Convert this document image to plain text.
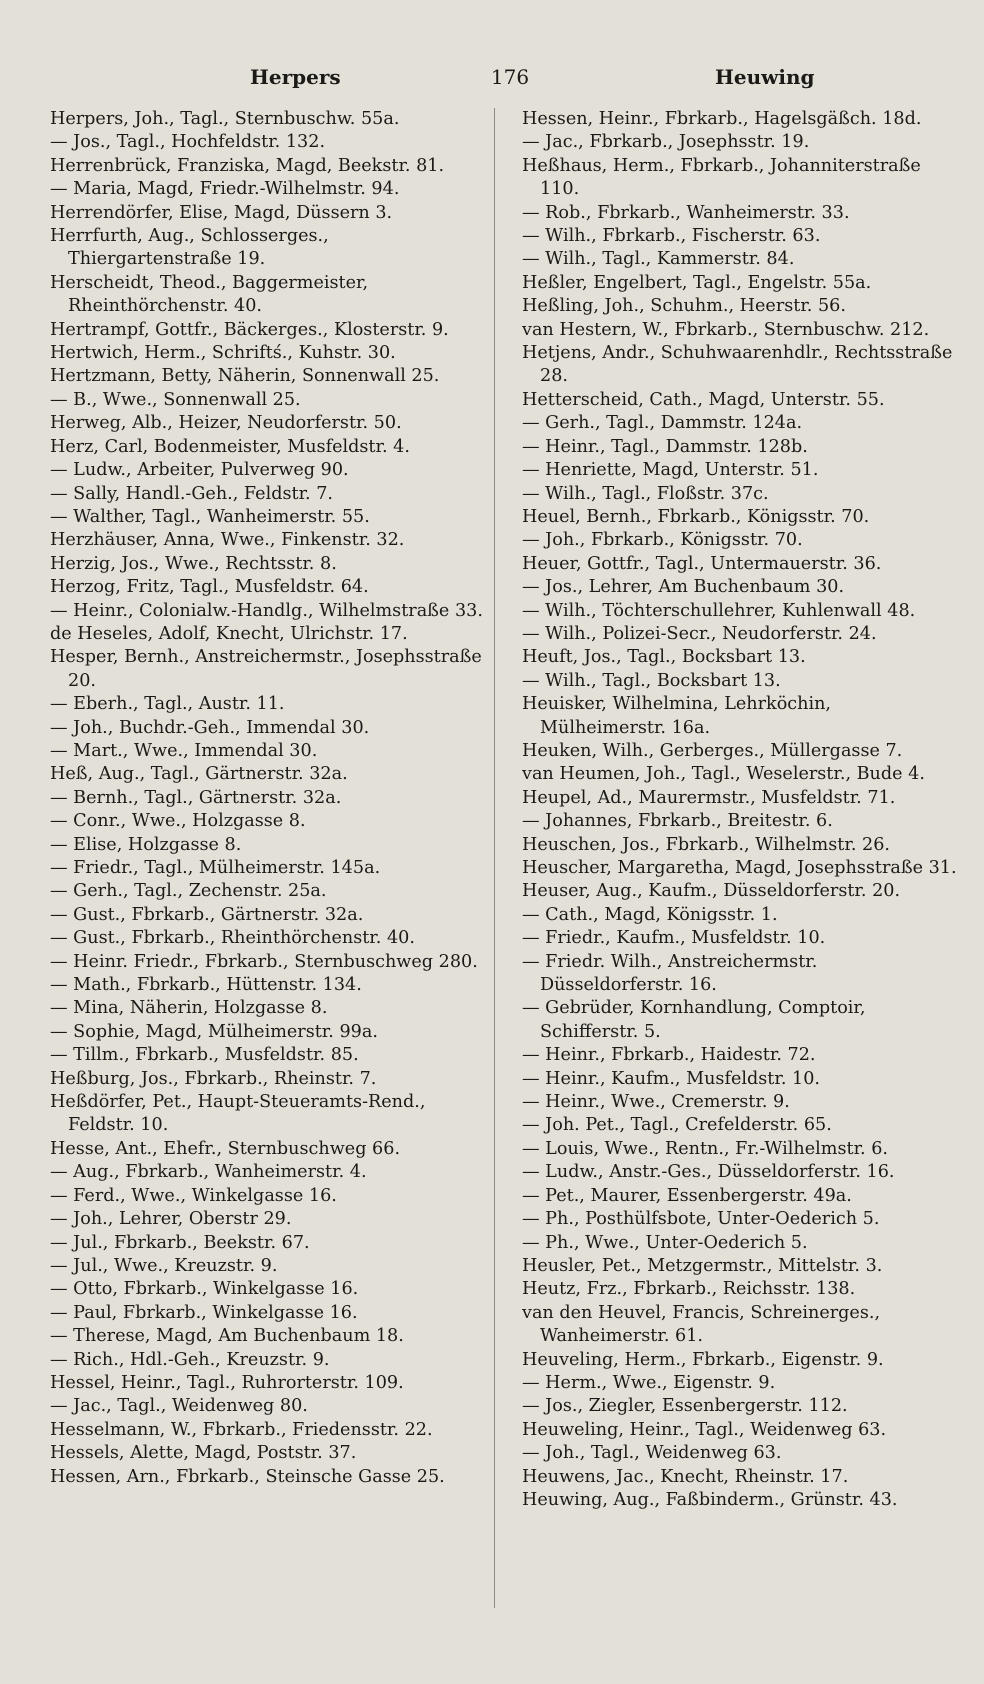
Herpers	176	Heuwing
Herpers, Joh., Tagl., Sternbuschw. 55a.
— Jos., Tagl., Hochfeldstr. 132.
Herrenbrück, Franziska, Magd, Beekstr. 81.
— Maria, Magd, Friedr.-Wilhelmstr. 94.
Herrendörfer, Elise, Magd, Düssern 3.
Herrfurth, Aug., Schlosserges., Thiergartenstraße 19.
Herscheidt, Theod., Baggermeister, Rheinthörchenstr. 40.
Hertrampf, Gottfr., Bäckerges., Klosterstr. 9.
Hertwich, Herm., Schriftś., Kuhstr. 30.
Hertzmann, Betty, Näherin, Sonnenwall 25.
— B., Wwe., Sonnenwall 25.
Herweg, Alb., Heizer, Neudorferstr. 50.
Herz, Carl, Bodenmeister, Musfeldstr. 4.
— Ludw., Arbeiter, Pulverweg 90.
— Sally, Handl.-Geh., Feldstr. 7.
— Walther, Tagl., Wanheimerstr. 55.
Herzhäuser, Anna, Wwe., Finkenstr. 32.
Herzig, Jos., Wwe., Rechtsstr. 8.
Herzog, Fritz, Tagl., Musfeldstr. 64.
— Heinr., Colonialw.-Handlg., Wilhelmstraße 33.
de Heseles, Adolf, Knecht, Ulrichstr. 17.
Hesper, Bernh., Anstreichermstr., Josephsstraße 20.
— Eberh., Tagl., Austr. 11.
— Joh., Buchdr.-Geh., Immendal 30.
— Mart., Wwe., Immendal 30.
Heß, Aug., Tagl., Gärtnerstr. 32a.
— Bernh., Tagl., Gärtnerstr. 32a.
— Conr., Wwe., Holzgasse 8.
— Elise, Holzgasse 8.
— Friedr., Tagl., Mülheimerstr. 145a.
— Gerh., Tagl., Zechenstr. 25a.
— Gust., Fbrkarb., Gärtnerstr. 32a.
— Gust., Fbrkarb., Rheinthörchenstr. 40.
— Heinr. Friedr., Fbrkarb., Sternbuschweg 280.
— Math., Fbrkarb., Hüttenstr. 134.
— Mina, Näherin, Holzgasse 8.
— Sophie, Magd, Mülheimerstr. 99a.
— Tillm., Fbrkarb., Musfeldstr. 85.
Heßburg, Jos., Fbrkarb., Rheinstr. 7.
Heßdörfer, Pet., Haupt-Steueramts-Rend., Feldstr. 10.
Hesse, Ant., Ehefr., Sternbuschweg 66.
— Aug., Fbrkarb., Wanheimerstr. 4.
— Ferd., Wwe., Winkelgasse 16.
— Joh., Lehrer, Oberstr 29.
— Jul., Fbrkarb., Beekstr. 67.
— Jul., Wwe., Kreuzstr. 9.
— Otto, Fbrkarb., Winkelgasse 16.
— Paul, Fbrkarb., Winkelgasse 16.
— Therese, Magd, Am Buchenbaum 18.
— Rich., Hdl.-Geh., Kreuzstr. 9.
Hessel, Heinr., Tagl., Ruhrorterstr. 109.
— Jac., Tagl., Weidenweg 80.
Hesselmann, W., Fbrkarb., Friedensstr. 22.
Hessels, Alette, Magd, Poststr. 37.
Hessen, Arn., Fbrkarb., Steinsche Gasse 25.
Hessen, Heinr., Fbrkarb., Hagelsgäßch. 18d.
— Jac., Fbrkarb., Josephsstr. 19.
Heßhaus, Herm., Fbrkarb., Johanniterstraße 110.
— Rob., Fbrkarb., Wanheimerstr. 33.
— Wilh., Fbrkarb., Fischerstr. 63.
— Wilh., Tagl., Kammerstr. 84.
Heßler, Engelbert, Tagl., Engelstr. 55a.
Heßling, Joh., Schuhm., Heerstr. 56.
van Hestern, W., Fbrkarb., Sternbuschw. 212.
Hetjens, Andr., Schuhwaarenhdlr., Rechtsstraße 28.
Hetterscheid, Cath., Magd, Unterstr. 55.
— Gerh., Tagl., Dammstr. 124a.
— Heinr., Tagl., Dammstr. 128b.
— Henriette, Magd, Unterstr. 51.
— Wilh., Tagl., Floßstr. 37c.
Heuel, Bernh., Fbrkarb., Königsstr. 70.
— Joh., Fbrkarb., Königsstr. 70.
Heuer, Gottfr., Tagl., Untermauerstr. 36.
— Jos., Lehrer, Am Buchenbaum 30.
— Wilh., Töchterschullehrer, Kuhlenwall 48.
— Wilh., Polizei-Secr., Neudorferstr. 24.
Heuft, Jos., Tagl., Bocksbart 13.
— Wilh., Tagl., Bocksbart 13.
Heuisker, Wilhelmina, Lehrköchin, Mülheimerstr. 16a.
Heuken, Wilh., Gerberges., Müllergasse 7.
van Heumen, Joh., Tagl., Weselerstr., Bude 4.
Heupel, Ad., Maurermstr., Musfeldstr. 71.
— Johannes, Fbrkarb., Breitestr. 6.
Heuschen, Jos., Fbrkarb., Wilhelmstr. 26.
Heuscher, Margaretha, Magd, Josephsstraße 31.
Heuser, Aug., Kaufm., Düsseldorferstr. 20.
— Cath., Magd, Königsstr. 1.
— Friedr., Kaufm., Musfeldstr. 10.
— Friedr. Wilh., Anstreichermstr. Düsseldorferstr. 16.
— Gebrüder, Kornhandlung, Comptoir, Schifferstr. 5.
— Heinr., Fbrkarb., Haidestr. 72.
— Heinr., Kaufm., Musfeldstr. 10.
— Heinr., Wwe., Cremerstr. 9.
— Joh. Pet., Tagl., Crefelderstr. 65.
— Louis, Wwe., Rentn., Fr.-Wilhelmstr. 6.
— Ludw., Anstr.-Ges., Düsseldorferstr. 16.
— Pet., Maurer, Essenbergerstr. 49a.
— Ph., Posthülfsbote, Unter-Oederich 5.
— Ph., Wwe., Unter-Oederich 5.
Heusler, Pet., Metzgermstr., Mittelstr. 3.
Heutz, Frz., Fbrkarb., Reichsstr. 138.
van den Heuvel, Francis, Schreinerges., Wanheimerstr. 61.
Heuveling, Herm., Fbrkarb., Eigenstr. 9.
— Herm., Wwe., Eigenstr. 9.
— Jos., Ziegler, Essenbergerstr. 112.
Heuweling, Heinr., Tagl., Weidenweg 63.
— Joh., Tagl., Weidenweg 63.
Heuwens, Jac., Knecht, Rheinstr. 17.
Heuwing, Aug., Faßbinderm., Grünstr. 43.
